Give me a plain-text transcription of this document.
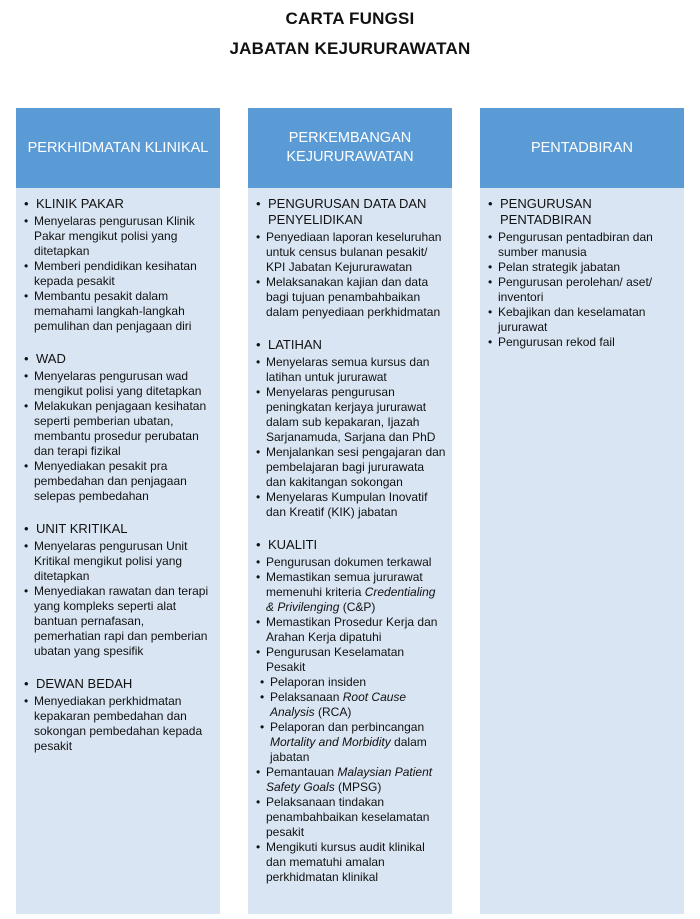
CARTA FUNGSI
JABATAN KEJURURAWATAN
PERKHIDMATAN KLINIKAL
• KLINIK PAKAR
• Menyelaras pengurusan Klinik Pakar mengikut polisi yang ditetapkan
• Memberi pendidikan kesihatan kepada pesakit
• Membantu pesakit dalam memahami langkah-langkah pemulihan dan penjagaan diri
• WAD
• Menyelaras pengurusan wad mengikut polisi yang ditetapkan
• Melakukan penjagaan kesihatan seperti pemberian ubatan, membantu prosedur perubatan dan terapi fizikal
• Menyediakan pesakit pra pembedahan dan penjagaan selepas pembedahan
• UNIT KRITIKAL
• Menyelaras pengurusan Unit Kritikal mengikut polisi yang ditetapkan
• Menyediakan rawatan dan terapi yang kompleks seperti alat bantuan pernafasan, pemerhatian rapi dan pemberian ubatan yang spesifik
• DEWAN BEDAH
• Menyediakan perkhidmatan kepakaran pembedahan dan sokongan pembedahan kepada pesakit
PERKEMBANGAN
KEJURURAWATAN
• PENGURUSAN DATA DAN PENYELIDIKAN
• Penyediaan laporan keseluruhan untuk census bulanan pesakit/ KPI Jabatan Kejururawatan
• Melaksanakan kajian dan data bagi tujuan penambahbaikan dalam penyediaan perkhidmatan
• LATIHAN
• Menyelaras semua kursus dan latihan untuk jururawat
• Menyelaras pengurusan peningkatan kerjaya jururawat dalam sub kepakaran, Ijazah Sarjanamuda, Sarjana dan PhD
• Menjalankan sesi pengajaran dan pembelajaran bagi jururawata dan kakitangan sokongan
• Menyelaras Kumpulan Inovatif dan Kreatif (KIK) jabatan
• KUALITI
• Pengurusan dokumen terkawal
• Memastikan semua jururawat memenuhi kriteria Credentialing & Privilenging (C&P)
• Memastikan Prosedur Kerja dan Arahan Kerja dipatuhi
• Pengurusan Keselamatan Pesakit
• Pelaporan insiden
• Pelaksanaan Root Cause Analysis (RCA)
• Pelaporan dan perbincangan Mortality and Morbidity dalam jabatan
• Pemantauan Malaysian Patient Safety Goals (MPSG)
• Pelaksanaan tindakan penambahbaikan keselamatan pesakit
• Mengikuti kursus audit klinikal dan mematuhi amalan perkhidmatan klinikal
PENTADBIRAN
• PENGURUSAN PENTADBIRAN
• Pengurusan pentadbiran dan sumber manusia
• Pelan strategik jabatan
• Pengurusan perolehan/ aset/ inventori
• Kebajikan dan keselamatan jururawat
• Pengurusan rekod fail
